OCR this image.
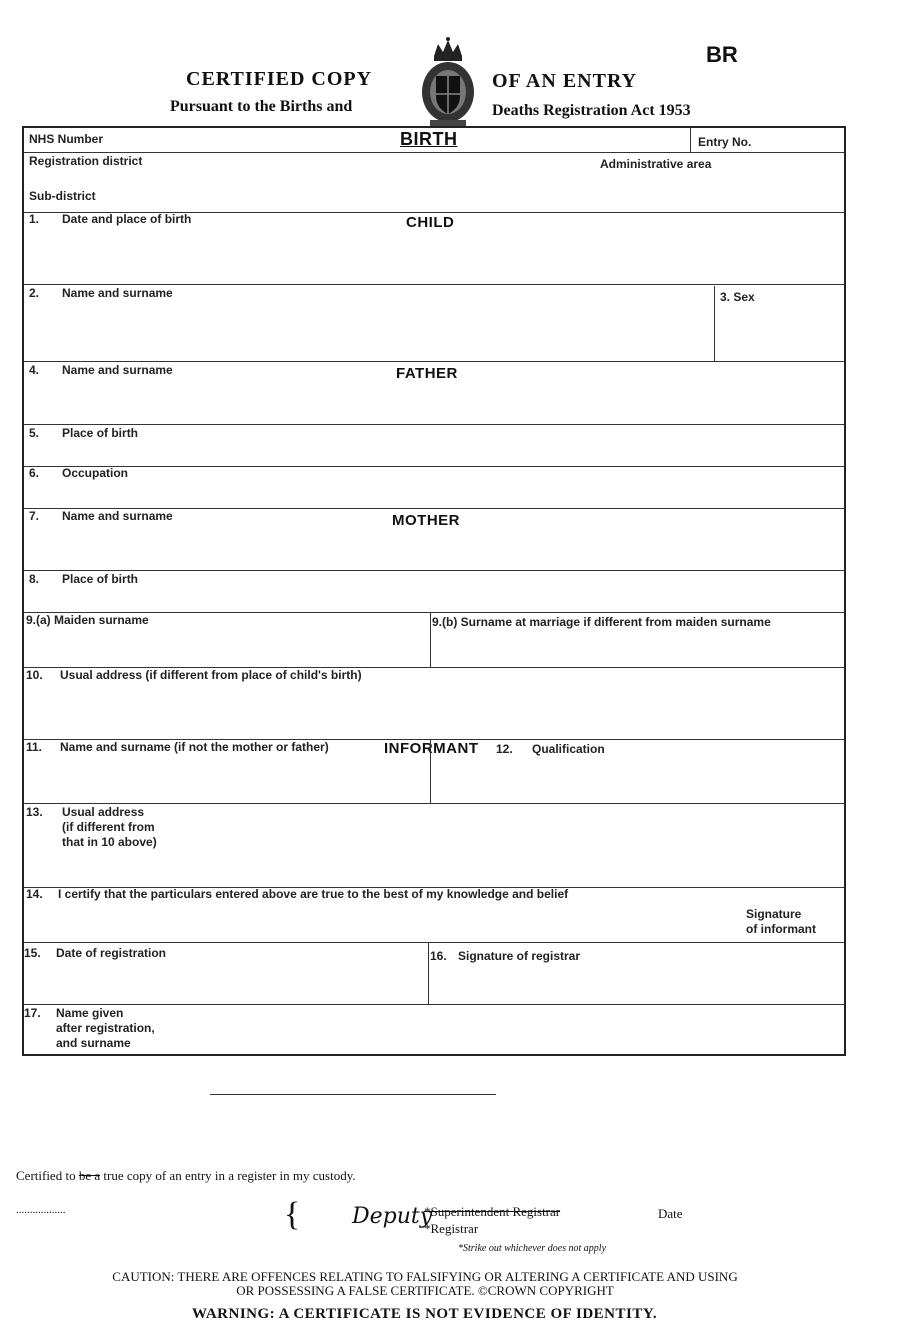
CERTIFIED COPY
Pursuant to the Births and
OF AN ENTRY
Deaths Registration Act 1953
BR
NHS Number	BIRTH	Entry No.
Registration district	Administrative area
Sub-district
1. Date and place of birth	CHILD
2. Name and surname	3. Sex
4. Name and surname	FATHER
5. Place of birth
6. Occupation
7. Name and surname	MOTHER
8. Place of birth
9.(a) Maiden surname	9.(b) Surname at marriage if different from maiden surname
10. Usual address (if different from place of child's birth)
11. Name and surname (if not the mother or father)	INFORMANT 12. Qualification
13. Usual address
(if different from
that in 10 above)
14. I certify that the particulars entered above are true to the best of my knowledge and belief
Signature
of informant
15. Date of registration	16. Signature of registrar
17. Name given
after registration,
and surname
Certified to be a true copy of an entry in a register in my custody.
..................	{ Deputy
*Superintendent Registrar
*Registrar
Date
*Strike out whichever does not apply
CAUTION: THERE ARE OFFENCES RELATING TO FALSIFYING OR ALTERING A CERTIFICATE AND USING
OR POSSESSING A FALSE CERTIFICATE. ©CROWN COPYRIGHT
WARNING: A CERTIFICATE IS NOT EVIDENCE OF IDENTITY.
